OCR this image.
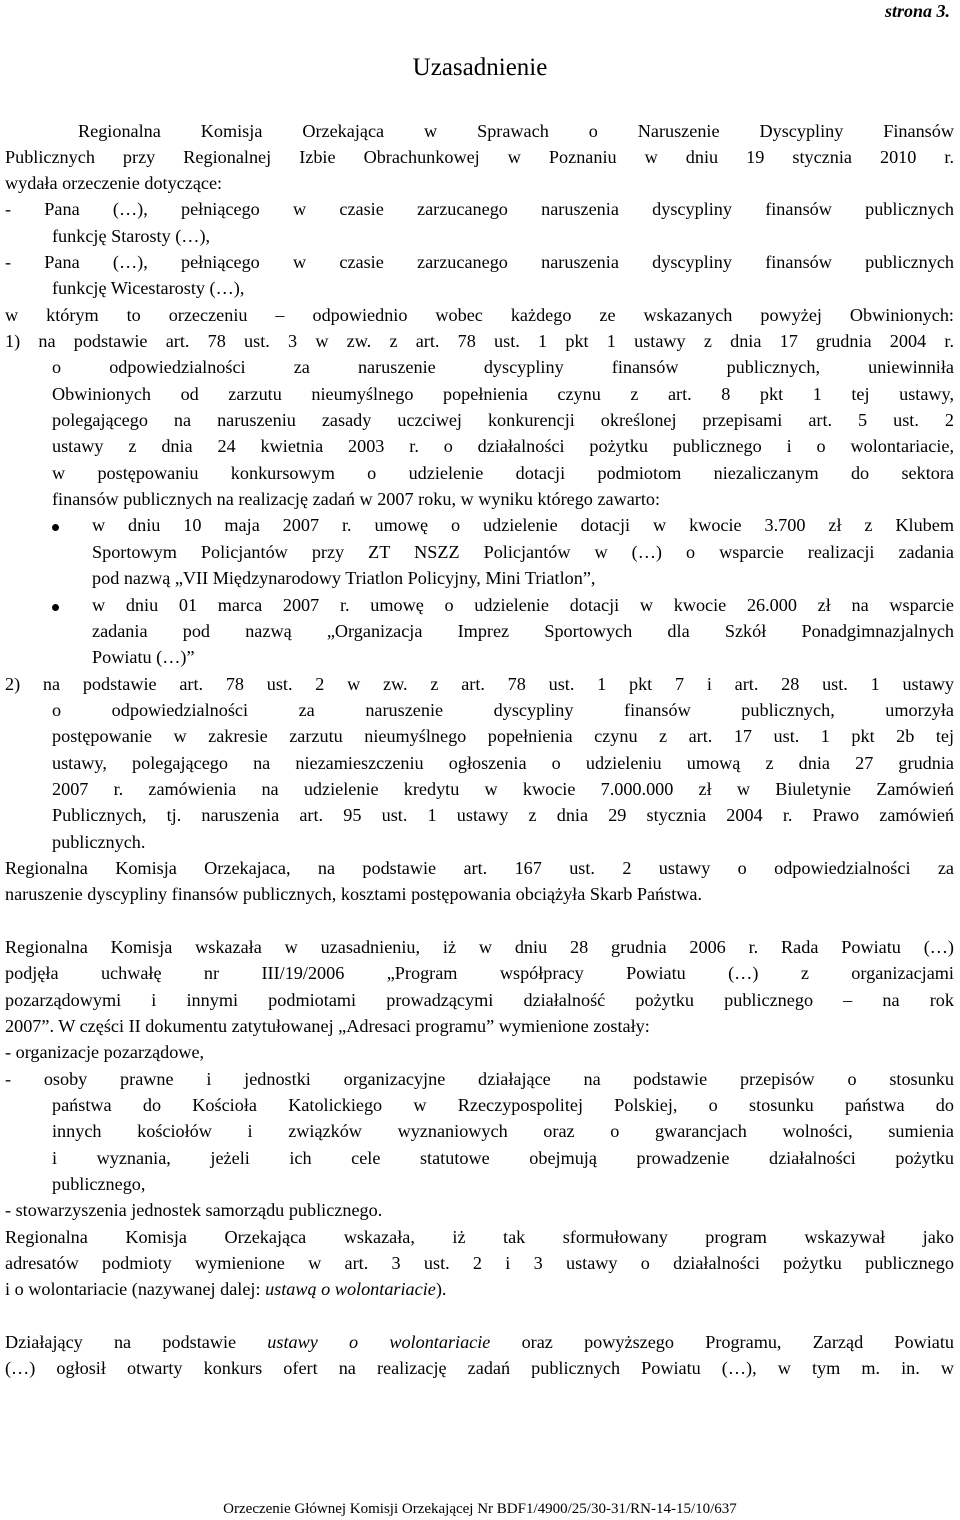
strona 3.
Uzasadnienie
Regionalna Komisja Orzekająca w Sprawach o Naruszenie Dyscypliny Finansów
Publicznych przy Regionalnej Izbie Obrachunkowej w Poznaniu w dniu 19 stycznia 2010 r.
wydała orzeczenie dotyczące:
- Pana (…), pełniącego w czasie zarzucanego naruszenia dyscypliny finansów publicznych
funkcję Starosty (…),
- Pana (…), pełniącego w czasie zarzucanego naruszenia dyscypliny finansów publicznych
funkcję Wicestarosty (…),
w którym to orzeczeniu – odpowiednio wobec każdego ze wskazanych powyżej Obwinionych:
1) na podstawie art. 78 ust. 3 w zw. z art. 78 ust. 1 pkt 1 ustawy z dnia 17 grudnia 2004 r.
o odpowiedzialności za naruszenie dyscypliny finansów publicznych, uniewinniła
Obwinionych od zarzutu nieumyślnego popełnienia czynu z art. 8 pkt 1 tej ustawy,
polegającego na naruszeniu zasady uczciwej konkurencji określonej przepisami art. 5 ust. 2
ustawy z dnia 24 kwietnia 2003 r. o działalności pożytku publicznego i o wolontariacie,
w postępowaniu konkursowym o udzielenie dotacji podmiotom niezaliczanym do sektora
finansów publicznych na realizację zadań w 2007 roku, w wyniku którego zawarto:
w dniu 10 maja 2007 r. umowę o udzielenie dotacji w kwocie 3.700 zł z Klubem
Sportowym Policjantów przy ZT NSZZ Policjantów w (…) o wsparcie realizacji zadania
pod nazwą „VII Międzynarodowy Triatlon Policyjny, Mini Triatlon”,
w dniu 01 marca 2007 r. umowę o udzielenie dotacji w kwocie 26.000 zł na wsparcie
zadania pod nazwą „Organizacja Imprez Sportowych dla Szkół Ponadgimnazjalnych
Powiatu (…)”
2) na podstawie art. 78 ust. 2 w zw. z art. 78 ust. 1 pkt 7 i art. 28 ust. 1 ustawy
o odpowiedzialności za naruszenie dyscypliny finansów publicznych, umorzyła
postępowanie w zakresie zarzutu nieumyślnego popełnienia czynu z art. 17 ust. 1 pkt 2b tej
ustawy, polegającego na niezamieszczeniu ogłoszenia o udzieleniu umową z dnia 27 grudnia
2007 r. zamówienia na udzielenie kredytu w kwocie 7.000.000 zł w Biuletynie Zamówień
Publicznych, tj. naruszenia art. 95 ust. 1 ustawy z dnia 29 stycznia 2004 r. Prawo zamówień
publicznych.
Regionalna Komisja Orzekajaca, na podstawie art. 167 ust. 2 ustawy o odpowiedzialności za
naruszenie dyscypliny finansów publicznych, kosztami postępowania obciążyła Skarb Państwa.
Regionalna Komisja wskazała w uzasadnieniu, iż w dniu 28 grudnia 2006 r. Rada Powiatu (…)
podjęła uchwałę nr III/19/2006 „Program współpracy Powiatu (…) z organizacjami
pozarządowymi i innymi podmiotami prowadzącymi działalność pożytku publicznego – na rok
2007”. W części II dokumentu zatytułowanej „Adresaci programu” wymienione zostały:
- organizacje pozarządowe,
- osoby prawne i jednostki organizacyjne działające na podstawie przepisów o stosunku
państwa do Kościoła Katolickiego w Rzeczypospolitej Polskiej, o stosunku państwa do
innych kościołów i związków wyznaniowych oraz o gwarancjach wolności, sumienia
i wyznania, jeżeli ich cele statutowe obejmują prowadzenie działalności pożytku
publicznego,
- stowarzyszenia jednostek samorządu publicznego.
Regionalna Komisja Orzekająca wskazała, iż tak sformułowany program wskazywał jako
adresatów podmioty wymienione w art. 3 ust. 2 i 3 ustawy o działalności pożytku publicznego
i o wolontariacie (nazywanej dalej: ustawą o wolontariacie).
Działający na podstawie ustawy o wolontariacie oraz powyższego Programu, Zarząd Powiatu
(…) ogłosił otwarty konkurs ofert na realizację zadań publicznych Powiatu (…), w tym m. in. w
Orzeczenie Głównej Komisji Orzekającej Nr BDF1/4900/25/30-31/RN-14-15/10/637
